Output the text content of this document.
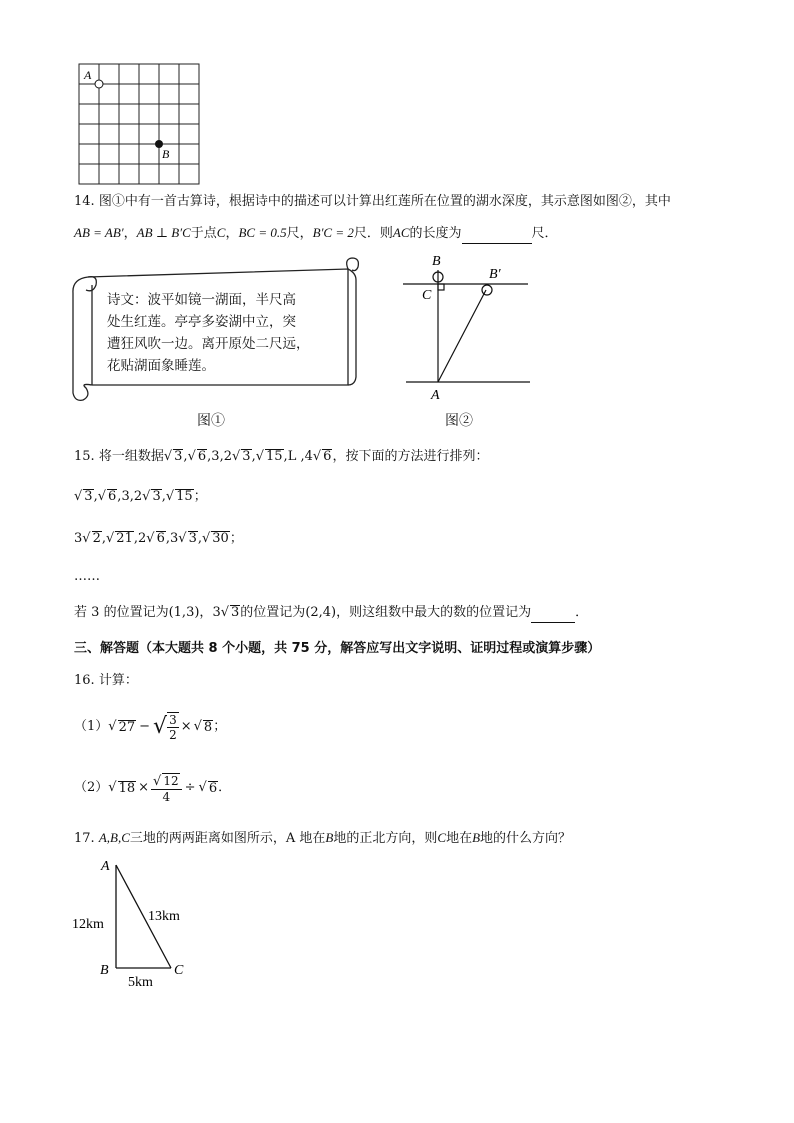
A
B
14. 图①中有一首古算诗，根据诗中的描述可以计算出红莲所在位置的湖水深度，其示意图如图②，其中
AB = AB′，AB ⊥ B′C于点C，BC = 0.5尺，B′C = 2尺．则AC的长度为	尺．
诗文：波平如镜一湖面，半尺高
处生红莲。亭亭多姿湖中立，突
遭狂风吹一边。离开原处二尺远，
花贴湖面象睡莲。
图①
B
B′
C
A
图②
15. 将一组数据√ 3,√ 6,3,2√ 3,√ 15,L ,4√ 6，按下面的方法进行排列：
√ 3,√ 6,3,2√ 3,√ 15；
3√ 2,√ 21,2√ 6,3√ 3,√ 30；
……
若 3 的位置记为(1,3)，3√ 3的位置记为(2,4)，则这组数中最大的数的位置记为	．
三、解答题（本大题共 8 个小题，共 75 分，解答应写出文字说明、证明过程或演算步骤）
16. 计算：
（1） √ 27 − √ $\frac{3}{2}$ × √ 8 ；
（2） √ $18 \times \frac{√ 12}{4}$ ÷ √ 6 ．
17. A,B,C三地的两两距离如图所示，A 地在B地的正北方向，则C地在B地的什么方向？
A
B	C
12km
13km
5km
